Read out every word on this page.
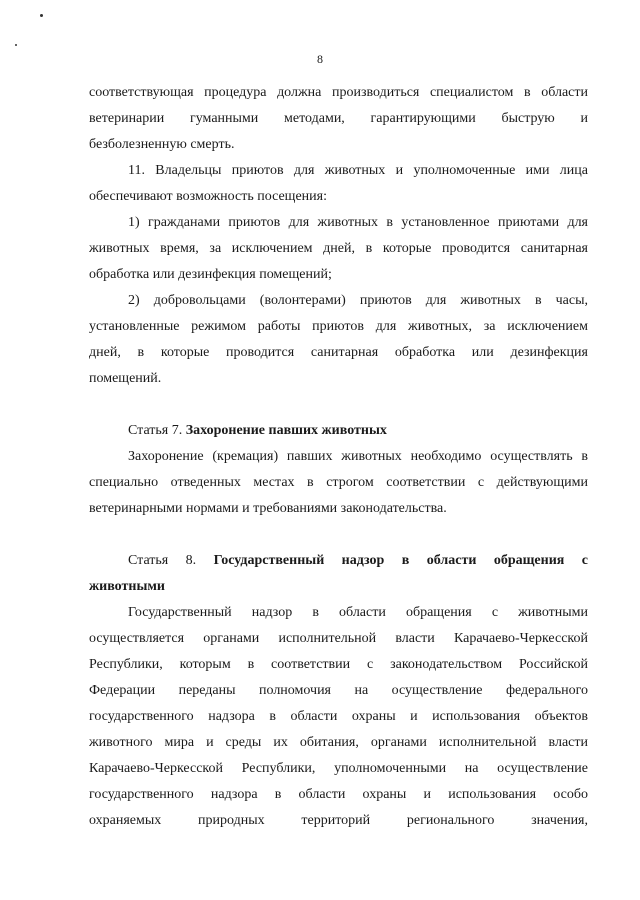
8
соответствующая процедура должна производиться специалистом в области
ветеринарии гуманными методами, гарантирующими быструю и
безболезненную смерть.
11. Владельцы приютов для животных и уполномоченные ими лица
обеспечивают возможность посещения:
1) гражданами приютов для животных в установленное приютами для
животных время, за исключением дней, в которые проводится санитарная
обработка или дезинфекция помещений;
2) добровольцами (волонтерами) приютов для животных в часы,
установленные режимом работы приютов для животных, за исключением
дней, в которые проводится санитарная обработка или дезинфекция
помещений.
Статья 7. Захоронение павших животных
Захоронение (кремация) павших животных необходимо осуществлять в
специально отведенных местах в строгом соответствии с действующими
ветеринарными нормами и требованиями законодательства.
Статья 8. Государственный надзор в области обращения с
животными
Государственный надзор в области обращения с животными
осуществляется органами исполнительной власти Карачаево-Черкесской
Республики, которым в соответствии с законодательством Российской
Федерации переданы полномочия на осуществление федерального
государственного надзора в области охраны и использования объектов
животного мира и среды их обитания, органами исполнительной власти
Карачаево-Черкесской Республики, уполномоченными на осуществление
государственного надзора в области охраны и использования особо
охраняемых природных территорий регионального значения,
